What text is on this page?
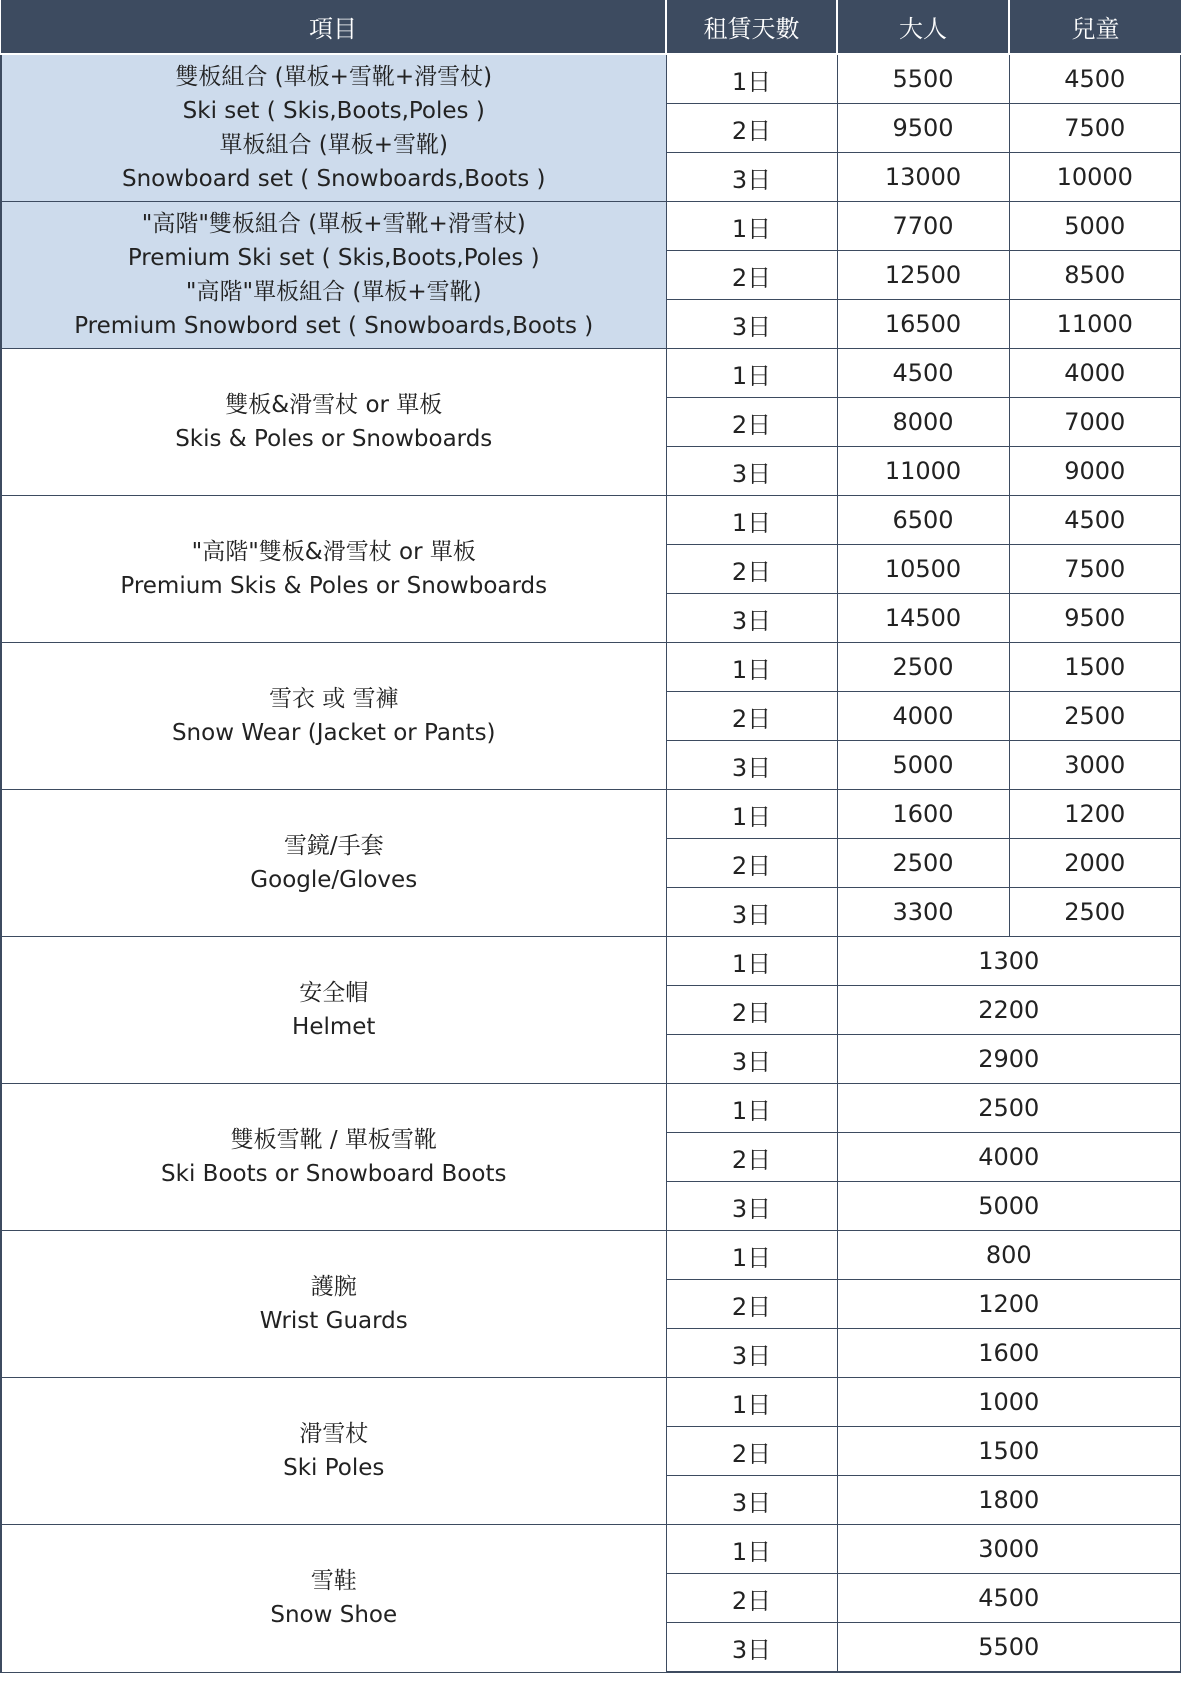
項目	租賃天數	大人	兒童

雙板組合 (單板+雪靴+滑雪杖)
Ski set ( Skis,Boots,Poles )
單板組合 (單板+雪靴)
Snowboard set ( Snowboards,Boots )	1日	5500	4500
	2日	9500	7500
	3日	13000	10000

"高階"雙板組合 (單板+雪靴+滑雪杖)
Premium Ski set ( Skis,Boots,Poles )
"高階"單板組合 (單板+雪靴)
Premium Snowbord set ( Snowboards,Boots )	1日	7700	5000
	2日	12500	8500
	3日	16500	11000

雙板&滑雪杖 or 單板
Skis & Poles or Snowboards	1日	4500	4000
	2日	8000	7000
	3日	11000	9000

"高階"雙板&滑雪杖 or 單板
Premium Skis & Poles or Snowboards	1日	6500	4500
	2日	10500	7500
	3日	14500	9500

雪衣 或 雪褲
Snow Wear (Jacket or Pants)	1日	2500	1500
	2日	4000	2500
	3日	5000	3000

雪鏡/手套
Google/Gloves	1日	1600	1200
	2日	2500	2000
	3日	3300	2500

安全帽
Helmet	1日	1300	
	2日	2200	
	3日	2900	

雙板雪靴 / 單板雪靴
Ski Boots or Snowboard Boots	1日	2500	
	2日	4000	
	3日	5000	

護腕
Wrist Guards	1日	800	
	2日	1200	
	3日	1600	

滑雪杖
Ski Poles	1日	1000	
	2日	1500	
	3日	1800	

雪鞋
Snow Shoe	1日	3000	
	2日	4500	
	3日	5500	
